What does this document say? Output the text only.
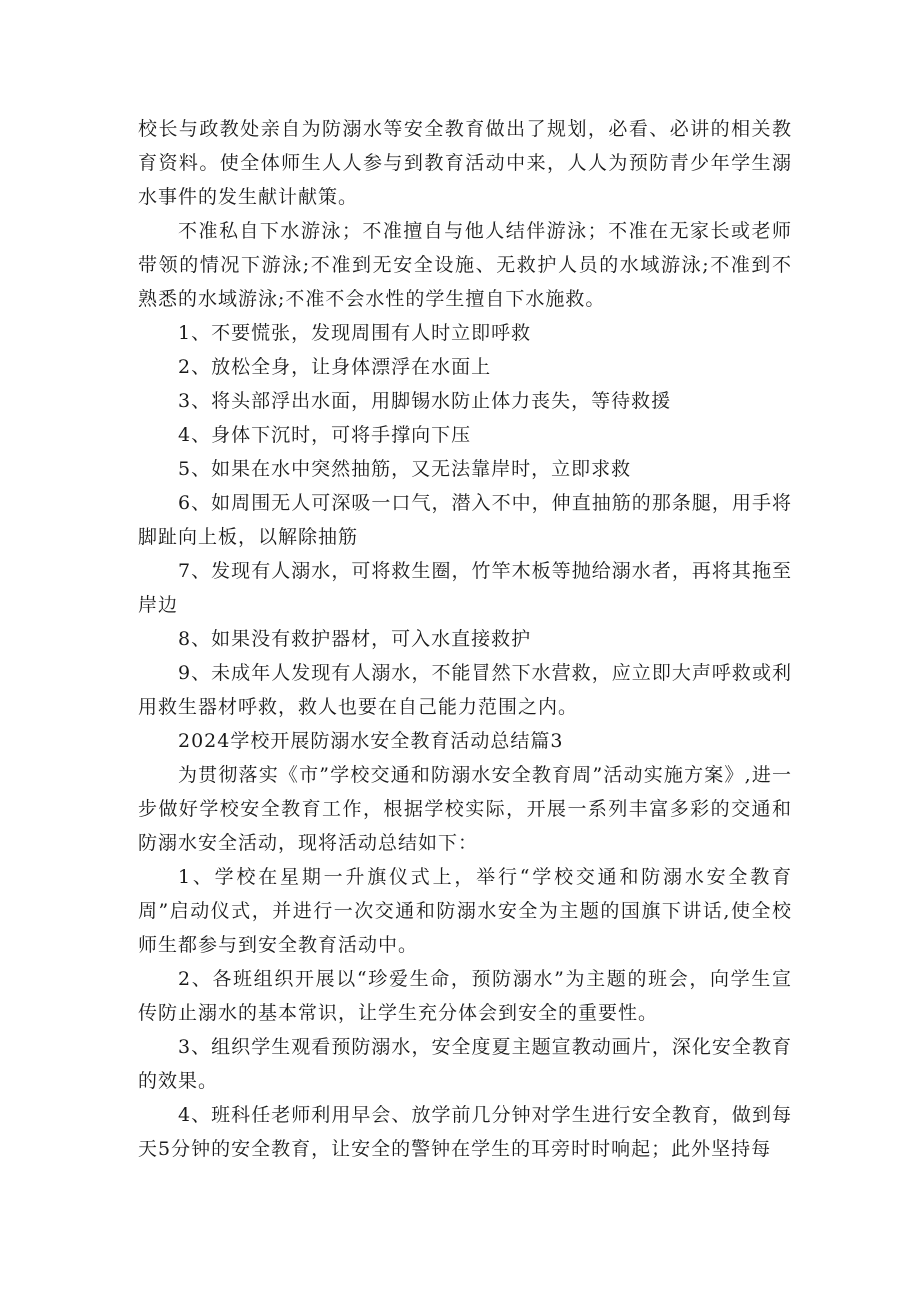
校长与政教处亲自为防溺水等安全教育做出了规划，必看、必讲的相关教育资料。使全体师生人人参与到教育活动中来，人人为预防青少年学生溺水事件的发生献计献策。

不准私自下水游泳；不准擅自与他人结伴游泳；不准在无家长或老师带领的情况下游泳;不准到无安全设施、无救护人员的水域游泳;不准到不熟悉的水域游泳;不准不会水性的学生擅自下水施救。

1、不要慌张，发现周围有人时立即呼救

2、放松全身，让身体漂浮在水面上

3、将头部浮出水面，用脚锡水防止体力丧失，等待救援

4、身体下沉时，可将手撑向下压

5、如果在水中突然抽筋，又无法靠岸时，立即求救

6、如周围无人可深吸一口气，潜入不中，伸直抽筋的那条腿，用手将脚趾向上板，以解除抽筋

7、发现有人溺水，可将救生圈，竹竿木板等抛给溺水者，再将其拖至岸边

8、如果没有救护器材，可入水直接救护

9、未成年人发现有人溺水，不能冒然下水营救，应立即大声呼救或利用救生器材呼救，救人也要在自己能力范围之内。

2024学校开展防溺水安全教育活动总结篇3

为贯彻落实《市”学校交通和防溺水安全教育周”活动实施方案》,进一步做好学校安全教育工作，根据学校实际，开展一系列丰富多彩的交通和防溺水安全活动，现将活动总结如下：

1、学校在星期一升旗仪式上，举行“学校交通和防溺水安全教育周”启动仪式，并进行一次交通和防溺水安全为主题的国旗下讲话,使全校师生都参与到安全教育活动中。

2、各班组织开展以“珍爱生命，预防溺水”为主题的班会，向学生宣传防止溺水的基本常识，让学生充分体会到安全的重要性。

3、组织学生观看预防溺水，安全度夏主题宣教动画片，深化安全教育的效果。

4、班科任老师利用早会、放学前几分钟对学生进行安全教育，做到每天5分钟的安全教育，让安全的警钟在学生的耳旁时时响起；此外坚持每
